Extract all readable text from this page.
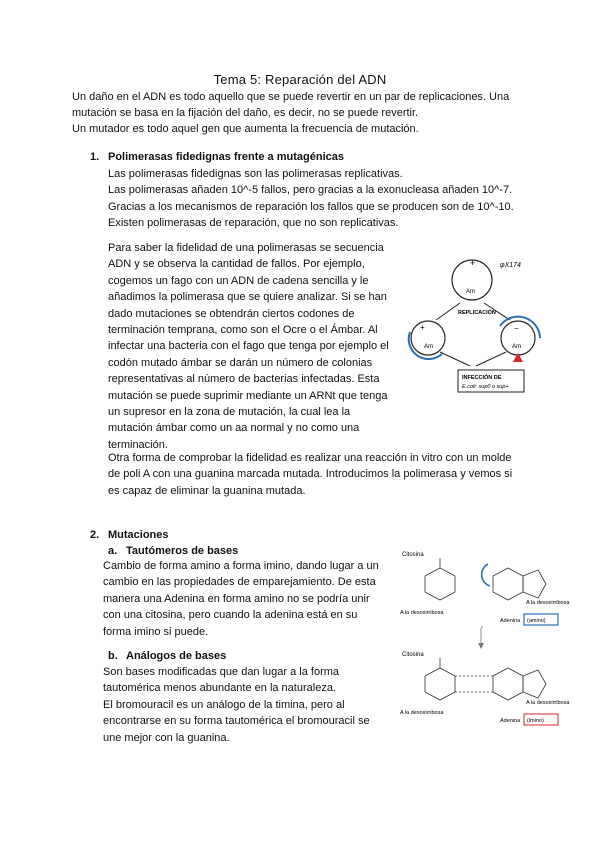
Tema 5: Reparación del ADN

Un daño en el ADN es todo aquello que se puede revertir en un par de replicaciones. Una

mutación se basa en la fijación del daño, es decir, no se puede revertir.

Un mutador es todo aquel gen que aumenta la frecuencia de mutación.

1. Polimerasas fidedignas frente a mutagénicas

Las polimerasas fidedignas son las polimerasas replicativas.

Las polimerasas añaden 10^-5 fallos, pero gracias a la exonucleasa añaden 10^-7.

Gracias a los mecanismos de reparación los fallos que se producen son de 10^-10.

Existen polimerasas de reparación, que no son replicativas.

Para saber la fidelidad de una polimerasas se secuencia

ADN y se observa la cantidad de fallos. Por ejemplo,

cogemos un fago con un ADN de cadena sencilla y le

añadimos la polimerasa que se quiere analizar. Si se han

dado mutaciones se obtendrán ciertos codones de

terminación temprana, como son el Ocre o el Ámbar. Al

infectar una bacteria con el fago que tenga por ejemplo el

codón mutado ámbar se darán un número de colonias

representativas al número de bacterias infectadas. Esta

mutación se puede suprimir mediante un ARNt que tenga

un supresor en la zona de mutación, la cual lea la

mutación ámbar como un aa normal y no como una

terminación.

+
Am
φX174
REPLICACIÓN
+
Am
−
Am
INFECCIÓN DE
E.coli: sup0 o sup+

Otra forma de comprobar la fidelidad es realizar una reacción in vitro con un molde

de poli A con una guanina marcada mutada. Introducimos la polimerasa y vemos si

es capaz de eliminar la guanina mutada.

2. Mutaciones
a. Tautómeros de bases

Cambio de forma amino a forma imino, dando lugar a un

cambio en las propiedades de emparejamiento. De esta

manera una Adenina en forma amino no se podría unir

con una citosina, pero cuando la adenina está en su

forma imino si puede.

Citosina
A la desoxirribosa
A la desoxirribosa
Adenina (amino)
b. Análogos de bases

Son bases modificadas que dan lugar a la forma

tautomérica menos abundante en la naturaleza.

El bromouracil es un análogo de la timina, pero al

encontrarse en su forma tautomérica el bromouracil se

une mejor con la guanina.

Citosina
A la desoxirribosa
A la desoxirribosa
Adenina (imino)
